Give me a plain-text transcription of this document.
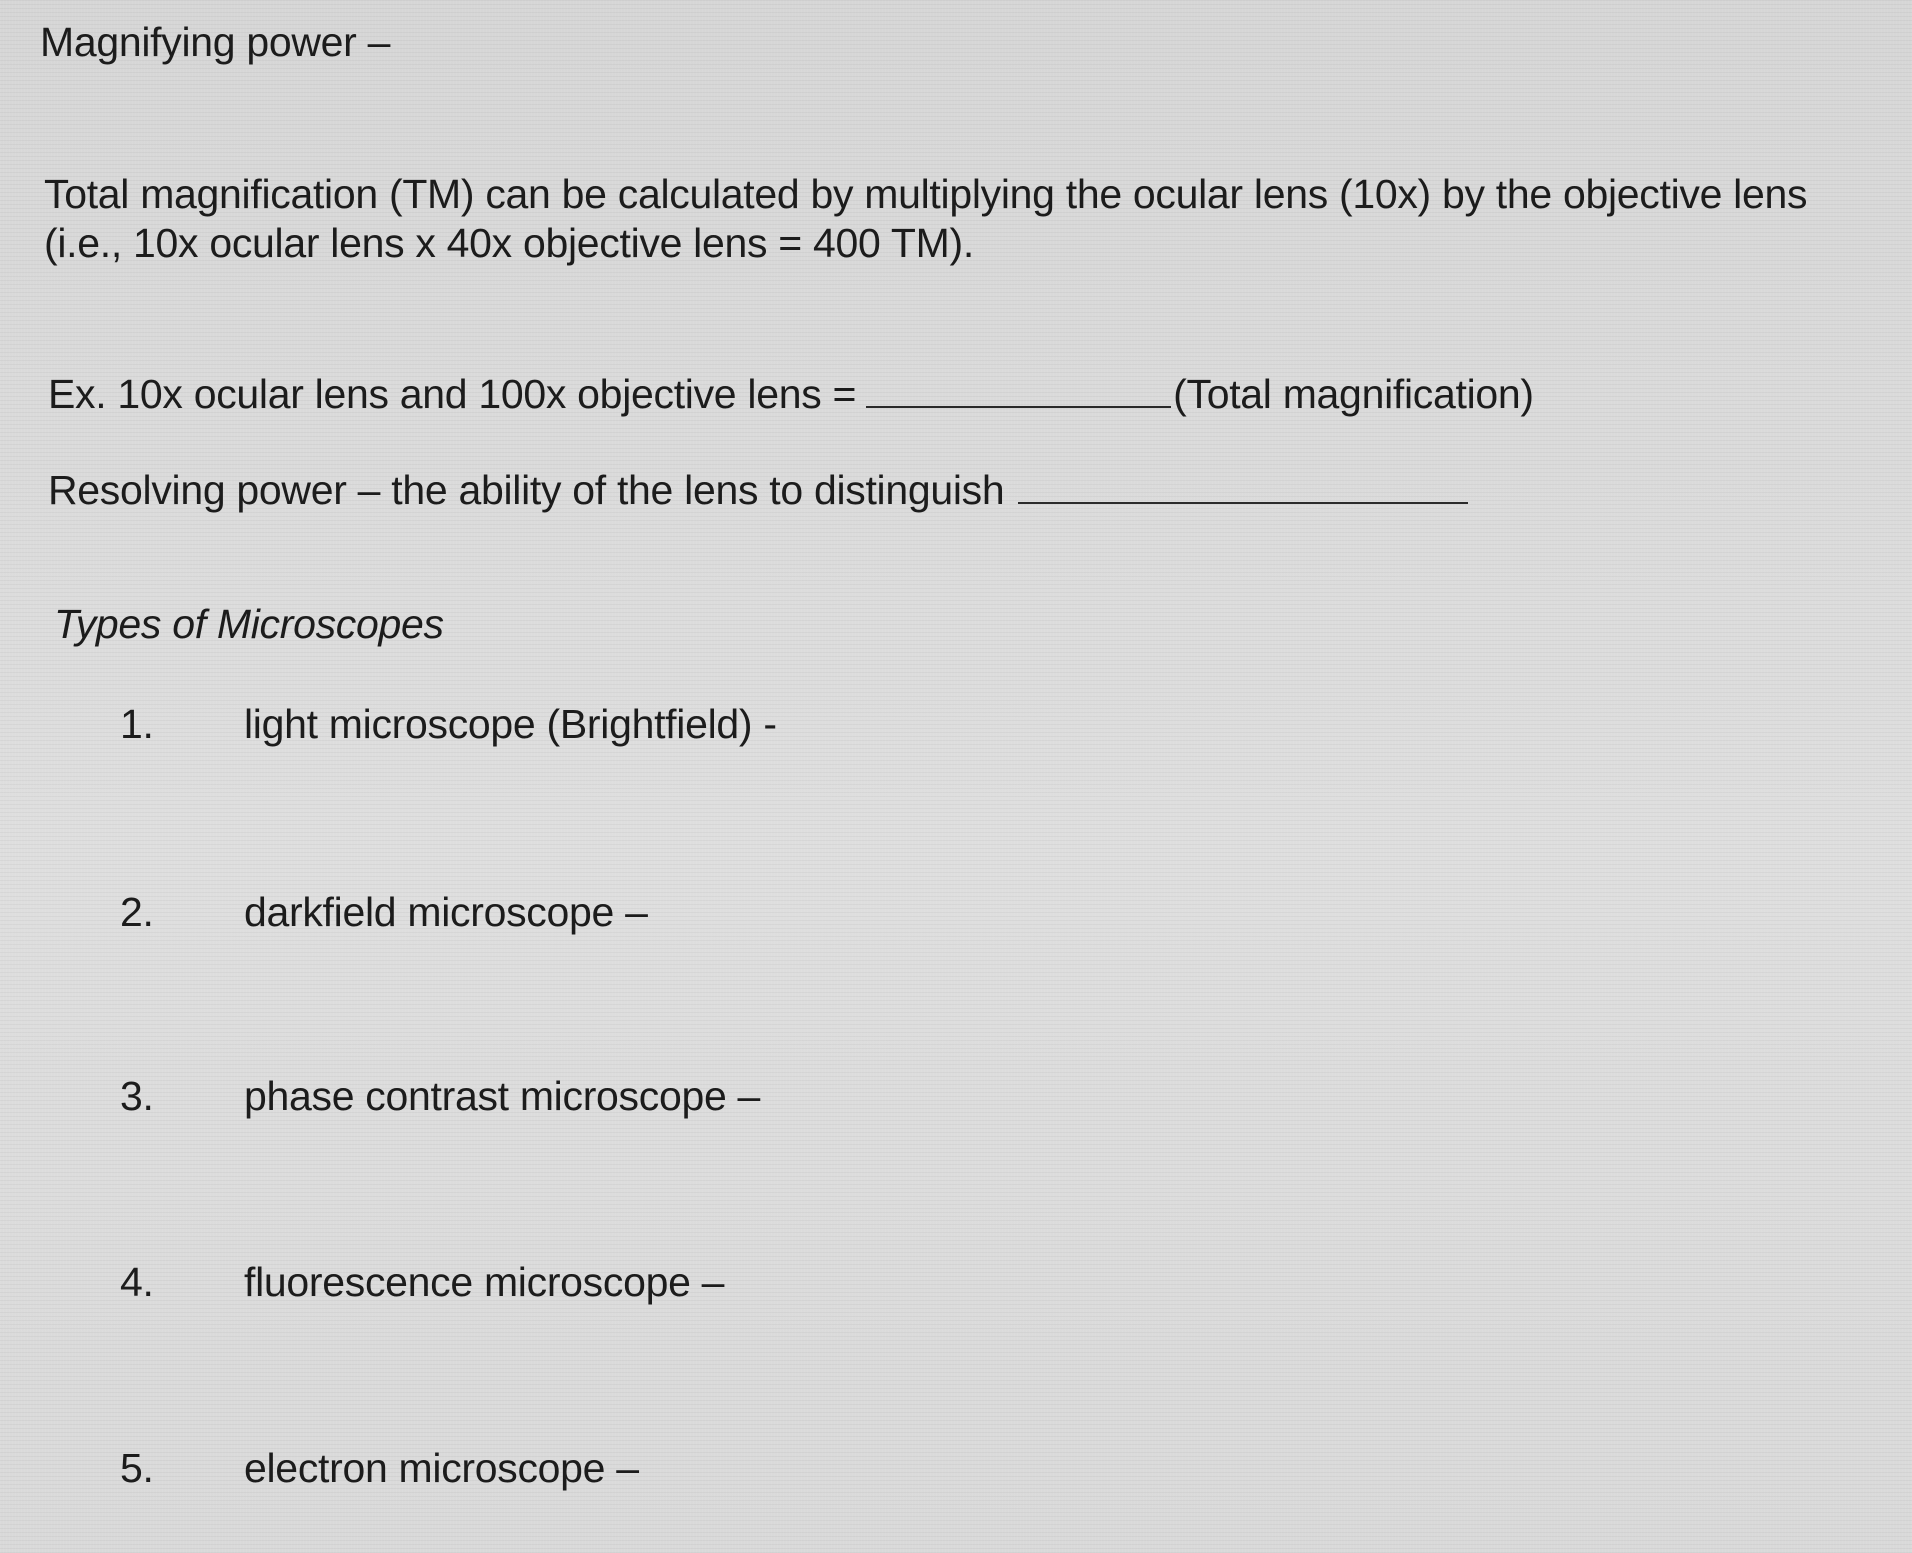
Magnifying power –
Total magnification (TM) can be calculated by multiplying the ocular lens (10x) by the objective lens
(i.e., 10x ocular lens x 40x objective lens = 400 TM).
Ex. 10x ocular lens and 100x objective lens =	(Total magnification)
Resolving power – the ability of the lens to distinguish
Types of Microscopes
1.	light microscope (Brightfield) -
2.	darkfield microscope –
3.	phase contrast microscope –
4.	fluorescence microscope –
5.	electron microscope –
